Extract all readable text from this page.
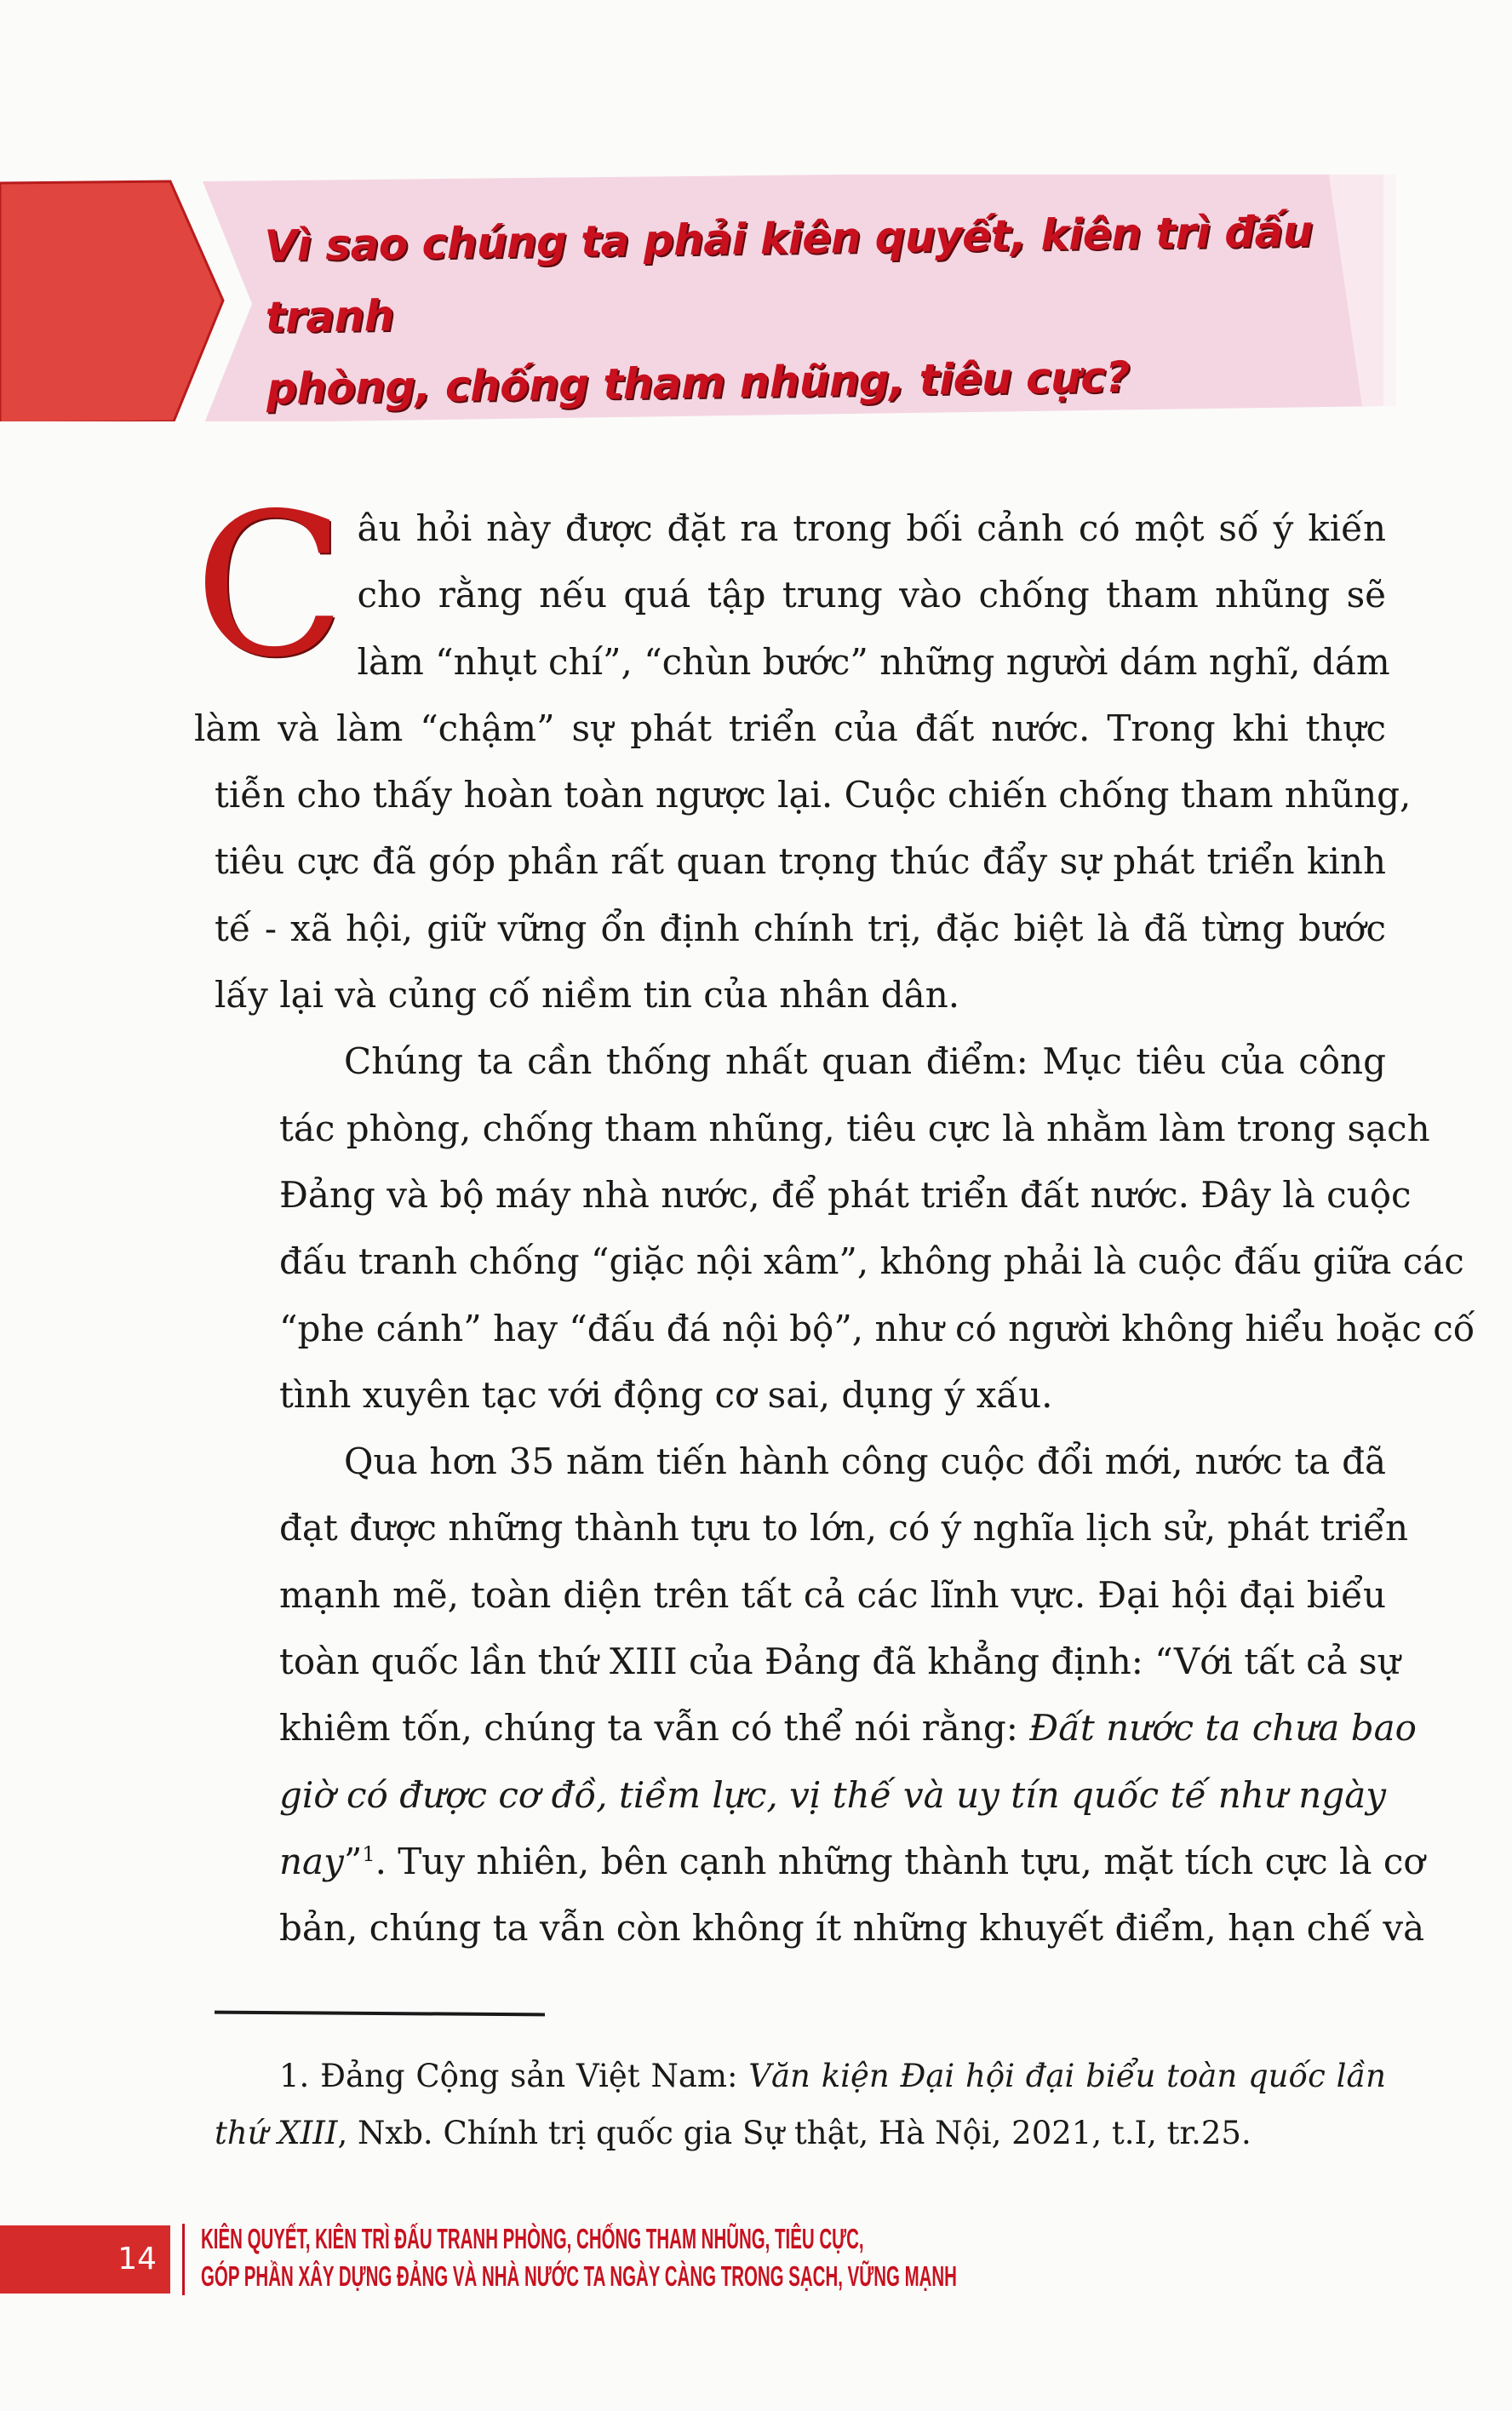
Vì sao chúng ta phải kiên quyết, kiên trì đấu tranh
phòng, chống tham nhũng, tiêu cực?
C âu hỏi này được đặt ra trong bối cảnh có một số ý kiến
cho rằng nếu quá tập trung vào chống tham nhũng sẽ
làm “nhụt chí”, “chùn bước” những người dám nghĩ, dám
làm và làm “chậm” sự phát triển của đất nước. Trong khi thực
tiễn cho thấy hoàn toàn ngược lại. Cuộc chiến chống tham nhũng,
tiêu cực đã góp phần rất quan trọng thúc đẩy sự phát triển kinh
tế - xã hội, giữ vững ổn định chính trị, đặc biệt là đã từng bước
lấy lại và củng cố niềm tin của nhân dân.
Chúng ta cần thống nhất quan điểm: Mục tiêu của công
tác phòng, chống tham nhũng, tiêu cực là nhằm làm trong sạch
Đảng và bộ máy nhà nước, để phát triển đất nước. Đây là cuộc
đấu tranh chống “giặc nội xâm”, không phải là cuộc đấu giữa các
“phe cánh” hay “đấu đá nội bộ”, như có người không hiểu hoặc cố
tình xuyên tạc với động cơ sai, dụng ý xấu.
Qua hơn 35 năm tiến hành công cuộc đổi mới, nước ta đã
đạt được những thành tựu to lớn, có ý nghĩa lịch sử, phát triển
mạnh mẽ, toàn diện trên tất cả các lĩnh vực. Đại hội đại biểu
toàn quốc lần thứ XIII của Đảng đã khẳng định: “Với tất cả sự
khiêm tốn, chúng ta vẫn có thể nói rằng: Đất nước ta chưa bao
giờ có được cơ đồ, tiềm lực, vị thế và uy tín quốc tế như ngày
nay”$^1$. Tuy nhiên, bên cạnh những thành tựu, mặt tích cực là cơ
bản, chúng ta vẫn còn không ít những khuyết điểm, hạn chế và
1. Đảng Cộng sản Việt Nam: Văn kiện Đại hội đại biểu toàn quốc lần
thứ XIII, Nxb. Chính trị quốc gia Sự thật, Hà Nội, 2021, t.I, tr.25.
14
KIÊN QUYẾT, KIÊN TRÌ ĐẤU TRANH PHÒNG, CHỐNG THAM NHŨNG, TIÊU CỰC,
GÓP PHẦN XÂY DỰNG ĐẢNG VÀ NHÀ NƯỚC TA NGÀY CÀNG TRONG SẠCH, VỮNG MẠNH
